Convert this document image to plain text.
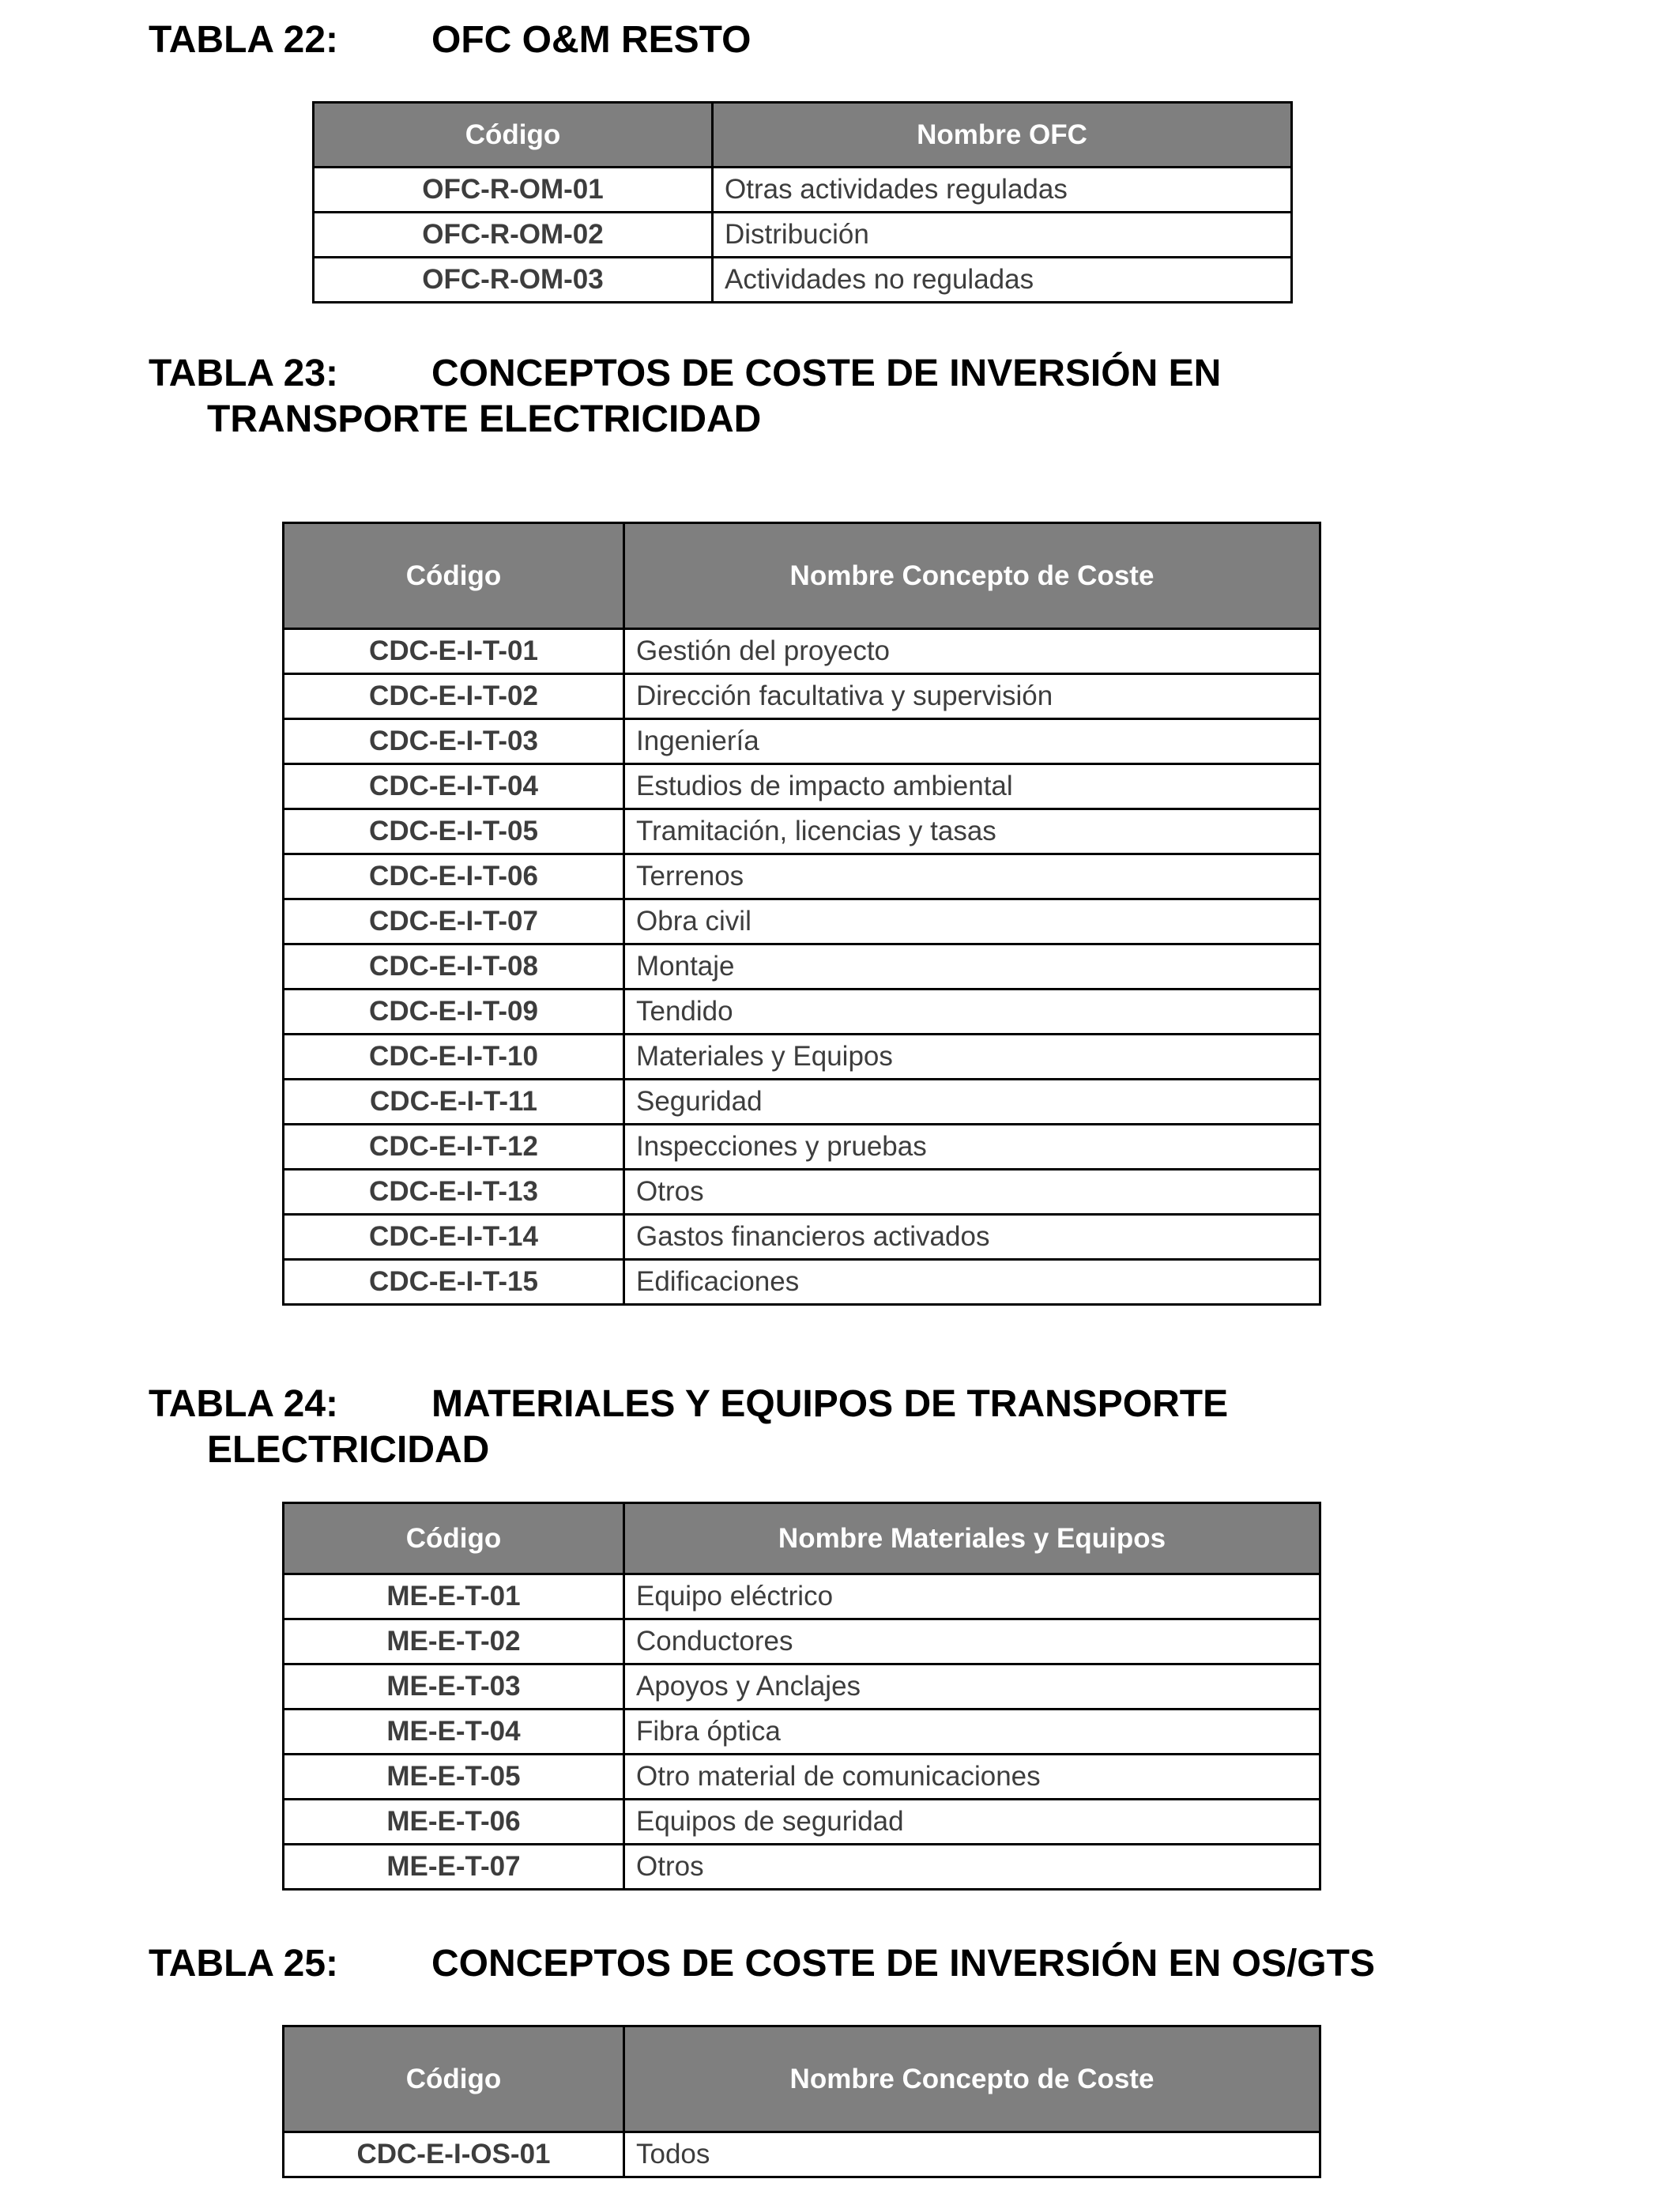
TABLA 22: OFC O&M RESTO
Código	Nombre OFC
OFC-R-OM-01	Otras actividades reguladas
OFC-R-OM-02	Distribución
OFC-R-OM-03	Actividades no reguladas
TABLA 23: CONCEPTOS DE COSTE DE INVERSIÓN EN
TRANSPORTE ELECTRICIDAD
Código	Nombre Concepto de Coste
CDC-E-I-T-01	Gestión del proyecto
CDC-E-I-T-02	Dirección facultativa y supervisión
CDC-E-I-T-03	Ingeniería
CDC-E-I-T-04	Estudios de impacto ambiental
CDC-E-I-T-05	Tramitación, licencias y tasas
CDC-E-I-T-06	Terrenos
CDC-E-I-T-07	Obra civil
CDC-E-I-T-08	Montaje
CDC-E-I-T-09	Tendido
CDC-E-I-T-10	Materiales y Equipos
CDC-E-I-T-11	Seguridad
CDC-E-I-T-12	Inspecciones y pruebas
CDC-E-I-T-13	Otros
CDC-E-I-T-14	Gastos financieros activados
CDC-E-I-T-15	Edificaciones
TABLA 24: MATERIALES Y EQUIPOS DE TRANSPORTE
ELECTRICIDAD
Código	Nombre Materiales y Equipos
ME-E-T-01	Equipo eléctrico
ME-E-T-02	Conductores
ME-E-T-03	Apoyos y Anclajes
ME-E-T-04	Fibra óptica
ME-E-T-05	Otro material de comunicaciones
ME-E-T-06	Equipos de seguridad
ME-E-T-07	Otros
TABLA 25: CONCEPTOS DE COSTE DE INVERSIÓN EN OS/GTS
Código	Nombre Concepto de Coste
CDC-E-I-OS-01	Todos
